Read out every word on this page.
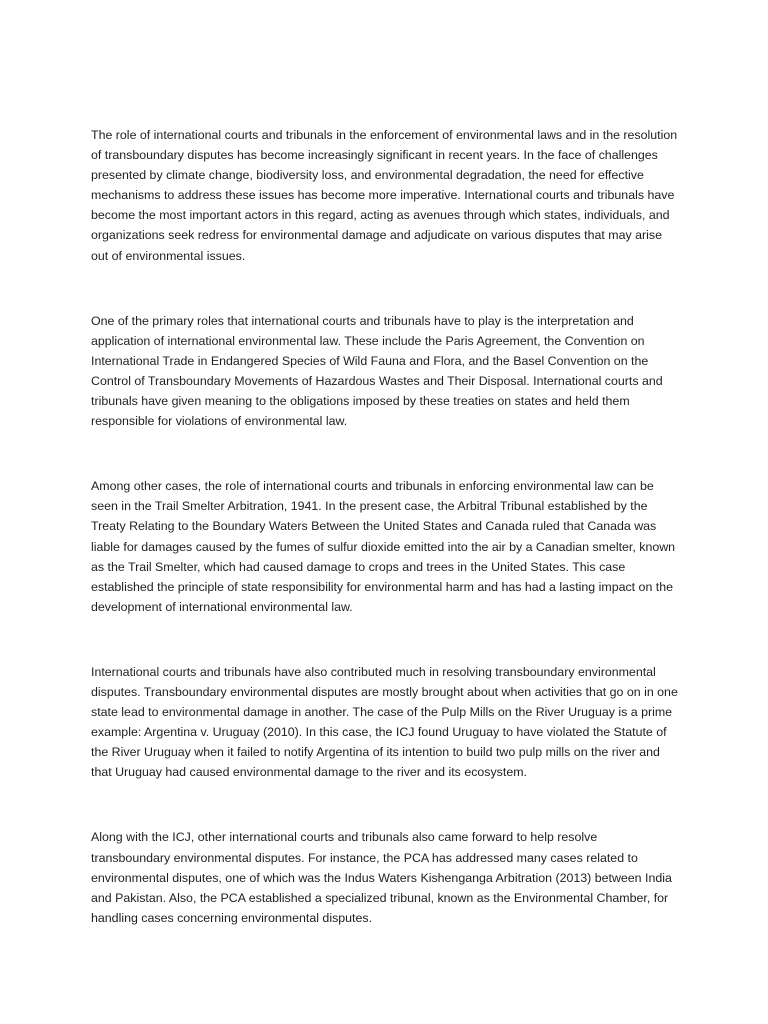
The role of international courts and tribunals in the enforcement of environmental laws and in the resolution of transboundary disputes has become increasingly significant in recent years. In the face of challenges presented by climate change, biodiversity loss, and environmental degradation, the need for effective mechanisms to address these issues has become more imperative. International courts and tribunals have become the most important actors in this regard, acting as avenues through which states, individuals, and organizations seek redress for environmental damage and adjudicate on various disputes that may arise out of environmental issues.

One of the primary roles that international courts and tribunals have to play is the interpretation and application of international environmental law. These include the Paris Agreement, the Convention on International Trade in Endangered Species of Wild Fauna and Flora, and the Basel Convention on the Control of Transboundary Movements of Hazardous Wastes and Their Disposal. International courts and tribunals have given meaning to the obligations imposed by these treaties on states and held them responsible for violations of environmental law.

Among other cases, the role of international courts and tribunals in enforcing environmental law can be seen in the Trail Smelter Arbitration, 1941. In the present case, the Arbitral Tribunal established by the Treaty Relating to the Boundary Waters Between the United States and Canada ruled that Canada was liable for damages caused by the fumes of sulfur dioxide emitted into the air by a Canadian smelter, known as the Trail Smelter, which had caused damage to crops and trees in the United States. This case established the principle of state responsibility for environmental harm and has had a lasting impact on the development of international environmental law.

International courts and tribunals have also contributed much in resolving transboundary environmental disputes. Transboundary environmental disputes are mostly brought about when activities that go on in one state lead to environmental damage in another. The case of the Pulp Mills on the River Uruguay is a prime example: Argentina v. Uruguay (2010). In this case, the ICJ found Uruguay to have violated the Statute of the River Uruguay when it failed to notify Argentina of its intention to build two pulp mills on the river and that Uruguay had caused environmental damage to the river and its ecosystem.

Along with the ICJ, other international courts and tribunals also came forward to help resolve transboundary environmental disputes. For instance, the PCA has addressed many cases related to environmental disputes, one of which was the Indus Waters Kishenganga Arbitration (2013) between India and Pakistan. Also, the PCA established a specialized tribunal, known as the Environmental Chamber, for handling cases concerning environmental disputes.
